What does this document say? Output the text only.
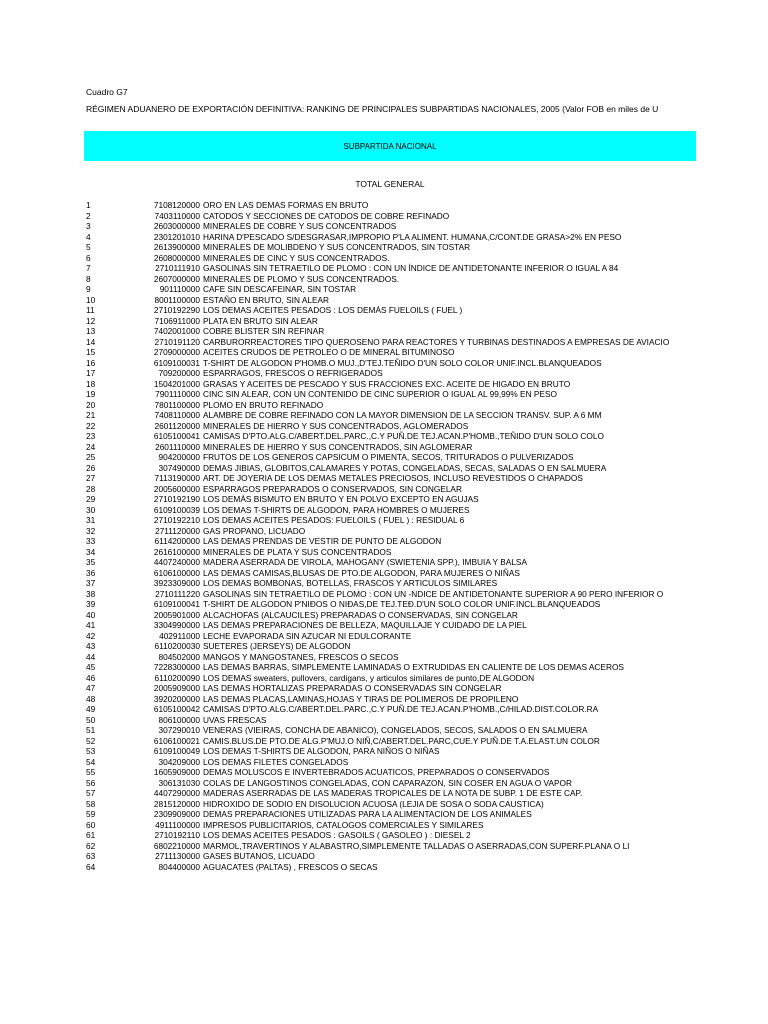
Cuadro G7
RÉGIMEN ADUANERO DE EXPORTACIÓN DEFINITIVA: RANKING DE PRINCIPALES SUBPARTIDAS NACIONALES, 2005 (Valor FOB en miles de U
SUBPARTIDA NACIONAL
TOTAL GENERAL
1	7108120000 ORO EN LAS DEMAS FORMAS EN BRUTO
2	7403110000 CATODOS Y SECCIONES DE CATODOS DE COBRE REFINADO
3	2603000000 MINERALES DE COBRE Y SUS CONCENTRADOS
4	2301201010 HARINA D'PESCADO S/DESGRASAR,IMPROPIO P'LA ALIMENT. HUMANA,C/CONT.DE GRASA>2% EN PESO
5	2613900000 MINERALES DE MOLIBDENO Y SUS CONCENTRADOS, SIN TOSTAR
6	2608000000 MINERALES DE CINC Y SUS CONCENTRADOS.
7	2710111910 GASOLINAS SIN TETRAETILO DE PLOMO : CON UN ÍNDICE DE ANTIDETONANTE INFERIOR O IGUAL A 84
8	2607000000 MINERALES DE PLOMO Y SUS CONCENTRADOS.
9	901110000 CAFE SIN DESCAFEINAR, SIN TOSTAR
10	8001100000 ESTAÑO EN BRUTO, SIN ALEAR
11	2710192290 LOS DEMAS ACEITES PESADOS : LOS DEMÁS FUELOILS ( FUEL )
12	7106911000 PLATA EN BRUTO SIN ALEAR
13	7402001000 COBRE BLISTER SIN REFINAR
14	2710191120 CARBURORREACTORES TIPO QUEROSENO PARA REACTORES Y TURBINAS DESTINADOS A EMPRESAS DE AVIACIO
15	2709000000 ACEITES CRUDOS DE PETROLEO O DE MINERAL BITUMINOSO
16	6109100031 T-SHIRT DE ALGODON P'HOMB.O MUJ.,D'TEJ.TEÑIDO D'UN SOLO COLOR UNIF.INCL.BLANQUEADOS
17	709200000 ESPARRAGOS, FRESCOS O REFRIGERADOS
18	1504201000 GRASAS Y ACEITES DE PESCADO Y SUS FRACCIONES EXC. ACEITE DE HIGADO EN BRUTO
19	7901110000 CINC SIN ALEAR, CON UN CONTENIDO DE CINC SUPERIOR O IGUAL AL 99,99% EN PESO
20	7801100000 PLOMO EN BRUTO REFINADO
21	7408110000 ALAMBRE DE COBRE REFINADO CON LA MAYOR DIMENSION DE LA SECCION TRANSV. SUP. A 6 MM
22	2601120000 MINERALES DE HIERRO Y SUS CONCENTRADOS, AGLOMERADOS
23	6105100041 CAMISAS D'PTO.ALG.C/ABERT.DEL.PARC.,C.Y PUÑ.DE TEJ.ACAN.P'HOMB.,TEÑIDO D'UN SOLO COLO
24	2601110000 MINERALES DE HIERRO Y SUS CONCENTRADOS, SIN AGLOMERAR
25	904200000 FRUTOS DE LOS GENEROS CAPSICUM O PIMENTA, SECOS, TRITURADOS O PULVERIZADOS
26	307490000 DEMAS JIBIAS, GLOBITOS,CALAMARES Y POTAS, CONGELADAS, SECAS, SALADAS O EN SALMUERA
27	7113190000 ART. DE JOYERIA DE LOS DEMAS METALES PRECIOSOS, INCLUSO REVESTIDOS O CHAPADOS
28	2005600000 ESPARRAGOS PREPARADOS O CONSERVADOS, SIN CONGELAR
29	2710192190 LOS DEMÁS BISMUTO EN BRUTO Y EN POLVO EXCEPTO EN AGUJAS
30	6109100039 LOS DEMAS T-SHIRTS DE ALGODON, PARA HOMBRES O MUJERES
31	2710192210 LOS DEMAS ACEITES PESADOS: FUELOILS ( FUEL ) : RESIDUAL 6
32	2711120000 GAS PROPANO, LICUADO
33	6114200000 LAS DEMAS PRENDAS DE VESTIR DE PUNTO DE ALGODON
34	2616100000 MINERALES DE PLATA Y SUS CONCENTRADOS
35	4407240000 MADERA ASERRADA DE VIROLA, MAHOGANY (SWIETENIA SPP.), IMBUIA Y BALSA
36	6106100000 LAS DEMAS CAMISAS,BLUSAS DE PTO.DE ALGODON, PARA MUJERES O NIÑAS
37	3923309000 LOS DEMAS BOMBONAS, BOTELLAS, FRASCOS Y ARTICULOS SIMILARES
38	2710111220 GASOLINAS SIN TETRAETILO DE PLOMO : CON UN -NDICE DE ANTIDETONANTE SUPERIOR A 90 PERO INFERIOR O
39	6109100041 T-SHIRT DE ALGODON P'NIÐOS O NIÐAS,DE TEJ.TEÐ.D'UN SOLO COLOR UNIF.INCL.BLANQUEADOS
40	2005901000 ALCACHOFAS (ALCAUCILES) PREPARADAS O CONSERVADAS, SIN CONGELAR
41	3304990000 LAS DEMAS PREPARACIONES DE BELLEZA, MAQUILLAJE Y CUIDADO DE LA PIEL
42	402911000 LECHE EVAPORADA SIN AZUCAR NI EDULCORANTE
43	6110200030 SUETERES (JERSEYS) DE ALGODON
44	804502000 MANGOS Y MANGOSTANES, FRESCOS O SECOS
45	7228300000 LAS DEMAS BARRAS, SIMPLEMENTE LAMINADAS O EXTRUDIDAS EN CALIENTE DE LOS DEMAS ACEROS
46	6110200090 LOS DEMAS sweaters, pullovers, cardigans, y articulos similares de punto,DE ALGODON
47	2005909000 LAS DEMAS HORTALIZAS PREPARADAS O CONSERVADAS SIN CONGELAR
48	3920200000 LAS DEMAS PLACAS,LAMINAS,HOJAS Y TIRAS DE POLIMEROS DE PROPILENO
49	6105100042 CAMISAS D'PTO.ALG.C/ABERT.DEL.PARC.,C.Y PUÑ.DE TEJ.ACAN.P'HOMB.,C/HILAD.DIST.COLOR.RA
50	806100000 UVAS FRESCAS
51	307290010 VENERAS (VIEIRAS, CONCHA DE ABANICO), CONGELADOS, SECOS, SALADOS O EN SALMUERA
52	6106100021 CAMIS.BLUS.DE PTO.DE ALG.P'MUJ.O NIÑ,C/ABERT.DEL.PARC,CUE.Y PUÑ.DE T.A.ELAST.UN COLOR
53	6109100049 LOS DEMAS T-SHIRTS DE ALGODON, PARA NIÑOS O NIÑAS
54	304209000 LOS DEMAS FILETES CONGELADOS
55	1605909000 DEMAS MOLUSCOS E INVERTEBRADOS ACUATICOS, PREPARADOS O CONSERVADOS
56	306131030 COLAS DE LANGOSTINOS CONGELADAS, CON CAPARAZON, SIN COSER EN AGUA O VAPOR
57	4407290000 MADERAS ASERRADAS DE LAS MADERAS TROPICALES DE LA NOTA DE SUBP. 1 DE ESTE CAP.
58	2815120000 HIDROXIDO DE SODIO EN DISOLUCION ACUOSA (LEJIA DE SOSA O SODA CAUSTICA)
59	2309909000 DEMAS PREPARACIONES UTILIZADAS PARA LA ALIMENTACION DE LOS ANIMALES
60	4911100000 IMPRESOS PUBLICITARIOS, CATALOGOS COMERCIALES Y SIMILARES
61	2710192110 LOS DEMAS ACEITES PESADOS : GASOILS ( GASOLEO ) : DIESEL 2
62	6802210000 MARMOL,TRAVERTINOS Y ALABASTRO,SIMPLEMENTE TALLADAS O ASERRADAS,CON SUPERF.PLANA O LI
63	2711130000 GASES BUTANOS, LICUADO
64	804400000 AGUACATES (PALTAS) , FRESCOS O SECAS
